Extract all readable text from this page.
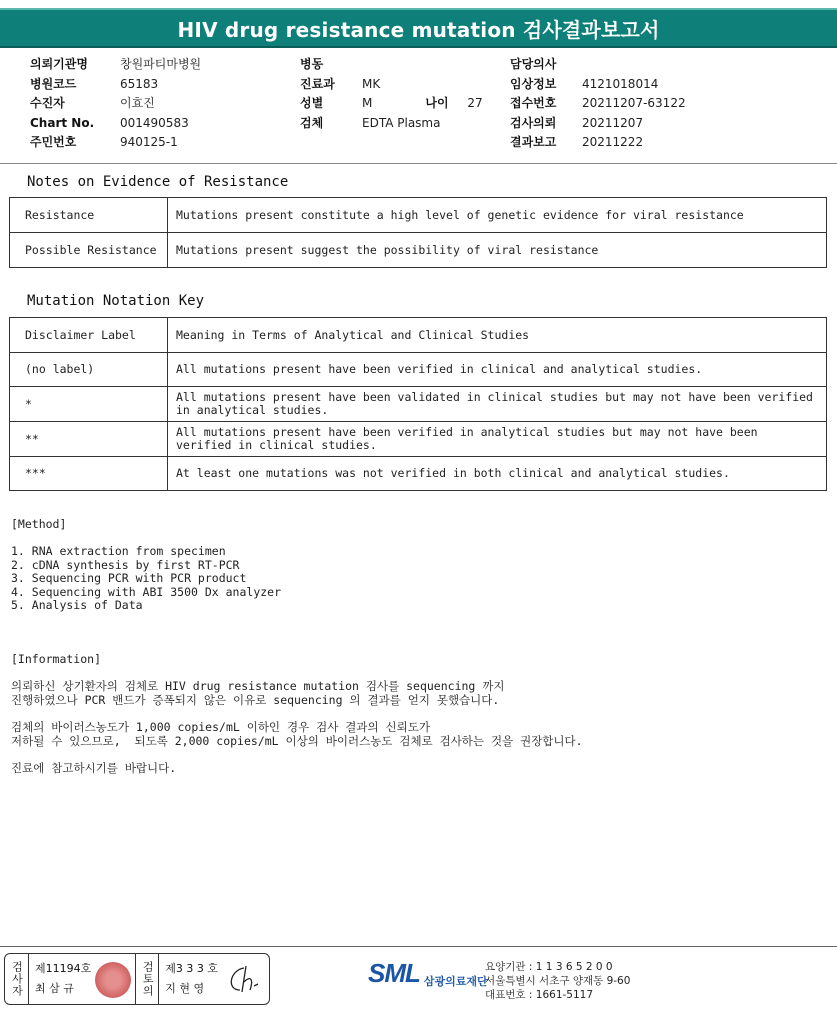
HIV drug resistance mutation 검사결과보고서
의뢰기관명	창원파티마병원
병원코드	65183
수진자	이효진
Chart No.	001490583
주민번호	940125-1
병동
진료과	MK
성별	M	나이	27
검체	EDTA Plasma
담당의사
임상정보	4121018014
접수번호	20211207-63122
검사의뢰	20211207
결과보고	20211222
Notes on Evidence of Resistance
Resistance	Mutations present constitute a high level of genetic evidence for viral resistance
Possible Resistance	Mutations present suggest the possibility of viral resistance
Mutation Notation Key
Disclaimer Label	Meaning in Terms of Analytical and Clinical Studies
(no label)	All mutations present have been verified in clinical and analytical studies.
*	All mutations present have been validated in clinical studies but may not have been verified in analytical studies.
**	All mutations present have been verified in analytical studies but may not have been verified in clinical studies.
***	At least one mutations was not verified in both clinical and analytical studies.
[Method]
1. RNA extraction from specimen
2. cDNA synthesis by first RT-PCR
3. Sequencing PCR with PCR product
4. Sequencing with ABI 3500 Dx analyzer
5. Analysis of Data
[Information]
의뢰하신 상기환자의 검체로 HIV drug resistance mutation 검사를 sequencing 까지
진행하였으나 PCR 밴드가 증폭되지 않은 이유로 sequencing 의 결과를 얻지 못했습니다.
검체의 바이러스농도가 1,000 copies/mL 이하인 경우 검사 결과의 신뢰도가
저하될 수 있으므로,  되도록 2,000 copies/mL 이상의 바이러스농도 검체로 검사하는 것을 권장합니다.
진료에 참고하시기를 바랍니다.
검사자 제11194호
최 삼 규	검토의 제3 3 3 호
지 현 영
SML 삼광의료재단
요양기관 : 1 1 3 6 5 2 0 0
서울특별시 서초구 양재동 9-60
대표번호 : 1661-5117
